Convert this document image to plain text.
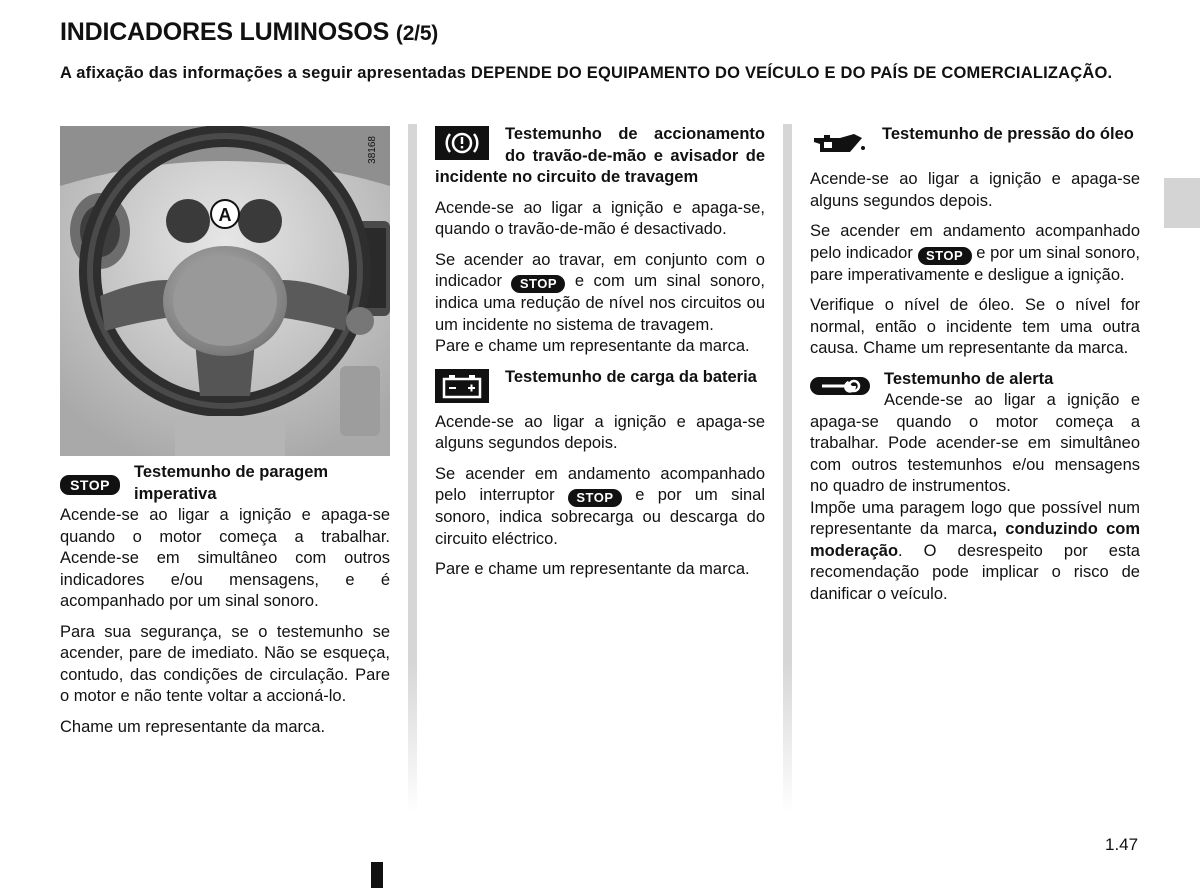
INDICADORES LUMINOSOS (2/5)
A afixação das informações a seguir apresentadas DEPENDE DO EQUIPAMENTO DO VEÍCULO E DO PAÍS DE COMERCIALIZAÇÃO.
A
38168
STOP
Testemunho de paragem imperativa

Acende-se ao ligar a ignição e apaga-se quando o motor começa a trabalhar. Acende-se em simultâneo com outros indicadores e/ou mensagens, e é acompanhado por um sinal sonoro.

Para sua segurança, se o testemunho se acender, pare de imediato. Não se esqueça, contudo, das condições de circulação. Pare o motor e não tente voltar a accioná-lo.

Chame um representante da marca.

Testemunho de accionamento do travão-de-mão e avisador de incidente no circuito de travagem

Acende-se ao ligar a ignição e apaga-se, quando o travão-de-mão é desactivado.

Se acender ao travar, em conjunto com o indicador STOP e com um sinal sonoro, indica uma redução de nível nos circuitos ou um incidente no sistema de travagem.

Pare e chame um representante da marca.

Testemunho de carga da bateria

Acende-se ao ligar a ignição e apaga-se alguns segundos depois.

Se acender em andamento acompanhado pelo interruptor STOP e por um sinal sonoro, indica sobrecarga ou descarga do circuito eléctrico.

Pare e chame um representante da marca.

Testemunho de pressão do óleo

Acende-se ao ligar a ignição e apaga-se alguns segundos depois.

Se acender em andamento acompanhado pelo indicador STOP e por um sinal sonoro, pare imperativamente e desligue a ignição.

Verifique o nível de óleo. Se o nível for normal, então o incidente tem uma outra causa. Chame um representante da marca.

Testemunho de alerta

Acende-se ao ligar a ignição e apaga-se quando o motor começa a trabalhar. Pode acender-se em simultâneo com outros testemunhos e/ou mensagens no quadro de instrumentos.

Impõe uma paragem logo que possível num representante da marca, conduzindo com moderação. O desrespeito por esta recomendação pode implicar o risco de danificar o veículo.

1.47
